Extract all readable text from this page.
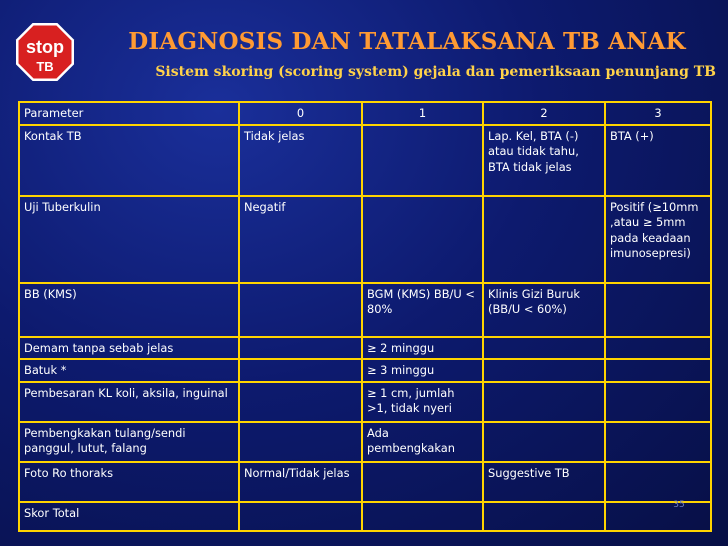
stop
TB
DIAGNOSIS DAN TATALAKSANA TB ANAK
Sistem skoring (scoring system) gejala dan pemeriksaan penunjang TB
Parameter	0	1	2	3
Kontak TB	Tidak jelas		Lap. Kel, BTA (-) atau tidak tahu, BTA tidak jelas	BTA (+)
Uji Tuberkulin	Negatif			Positif (≥10mm ,atau ≥ 5mm pada keadaan imunosepresi)
BB (KMS)		BGM (KMS) BB/U < 80%	Klinis Gizi Buruk (BB/U < 60%)	
Demam tanpa sebab jelas		≥ 2 minggu		
Batuk *		≥ 3 minggu		
Pembesaran KL koli, aksila, inguinal		≥ 1 cm, jumlah >1, tidak nyeri		
Pembengkakan tulang/sendi panggul, lutut, falang		Ada pembengkakan		
Foto Ro thoraks	Normal/Tidak jelas		Suggestive TB	
Skor Total				
35
